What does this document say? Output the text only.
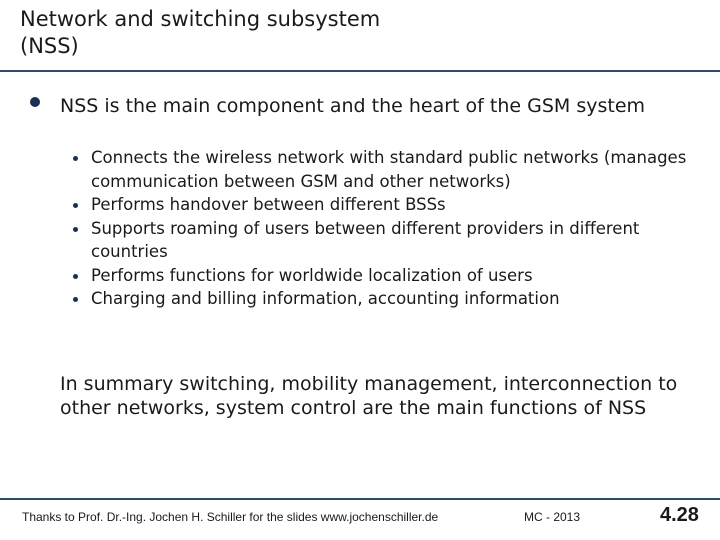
Network and switching subsystem
(NSS)
NSS is the main component and the heart of the GSM system
Connects the wireless network with standard public networks (manages communication between GSM and other networks)
Performs handover between different BSSs
Supports roaming of users between different providers in different countries
Performs functions for worldwide localization of users
Charging and billing information, accounting information
In summary switching, mobility management, interconnection to other networks, system control are the main functions of NSS
Thanks to Prof. Dr.-Ing. Jochen H. Schiller for the slides www.jochenschiller.de	MC - 2013	4.28
